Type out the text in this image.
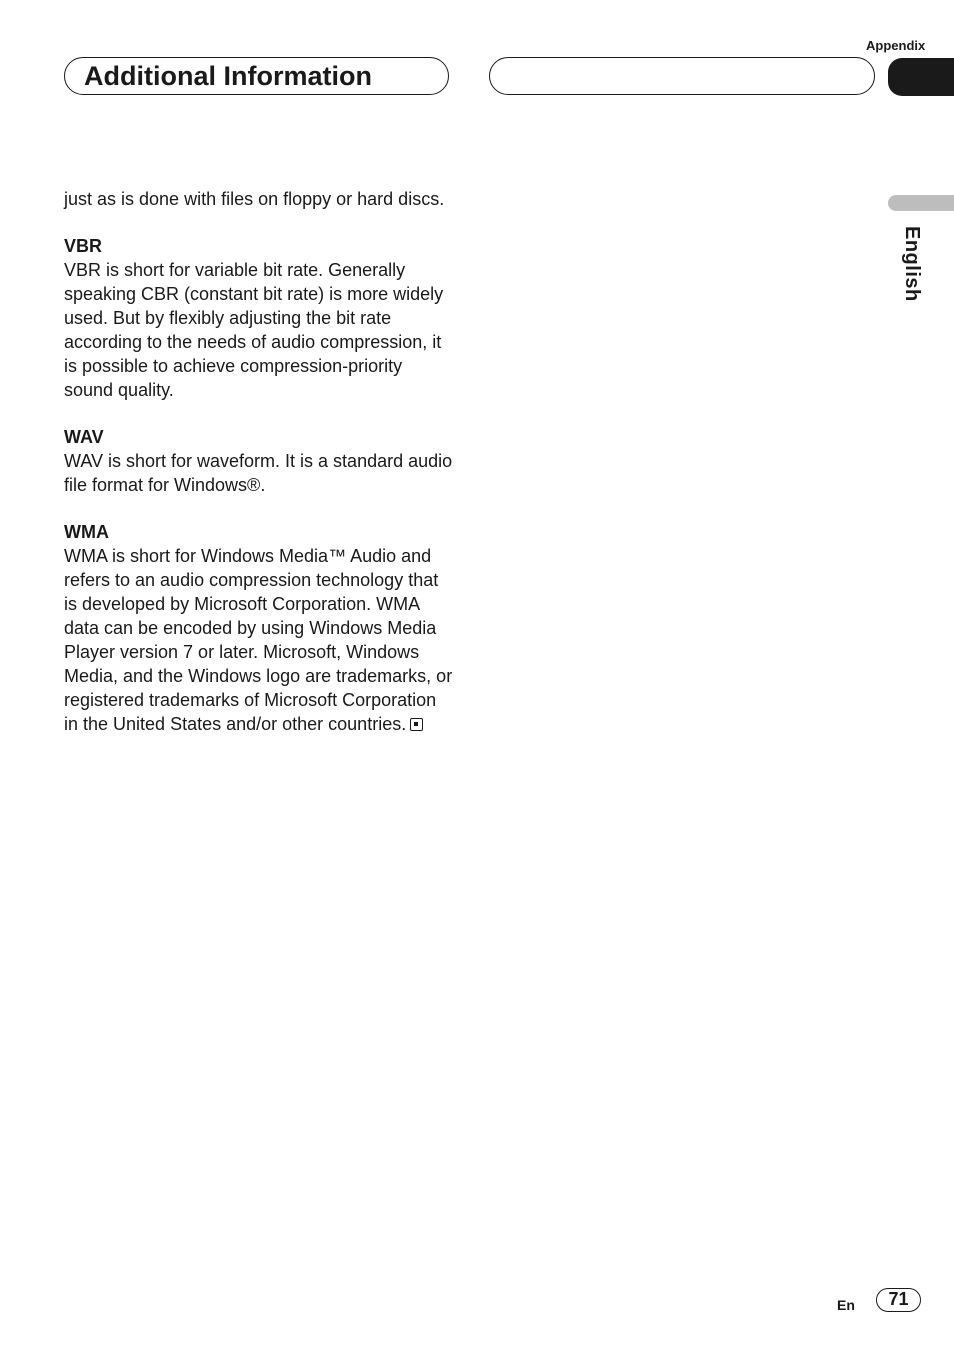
Appendix
Additional Information
English

just as is done with files on floppy or hard discs.

VBR

VBR is short for variable bit rate. Generally speaking CBR (constant bit rate) is more widely used. But by flexibly adjusting the bit rate according to the needs of audio compression, it is possible to achieve compression-priority sound quality.

WAV

WAV is short for waveform. It is a standard audio file format for Windows®.

WMA

WMA is short for Windows Media™ Audio and refers to an audio compression technology that is developed by Microsoft Corporation. WMA data can be encoded by using Windows Media Player version 7 or later. Microsoft, Windows Media, and the Windows logo are trademarks, or registered trademarks of Microsoft Corporation in the United States and/or other countries.

En	71
